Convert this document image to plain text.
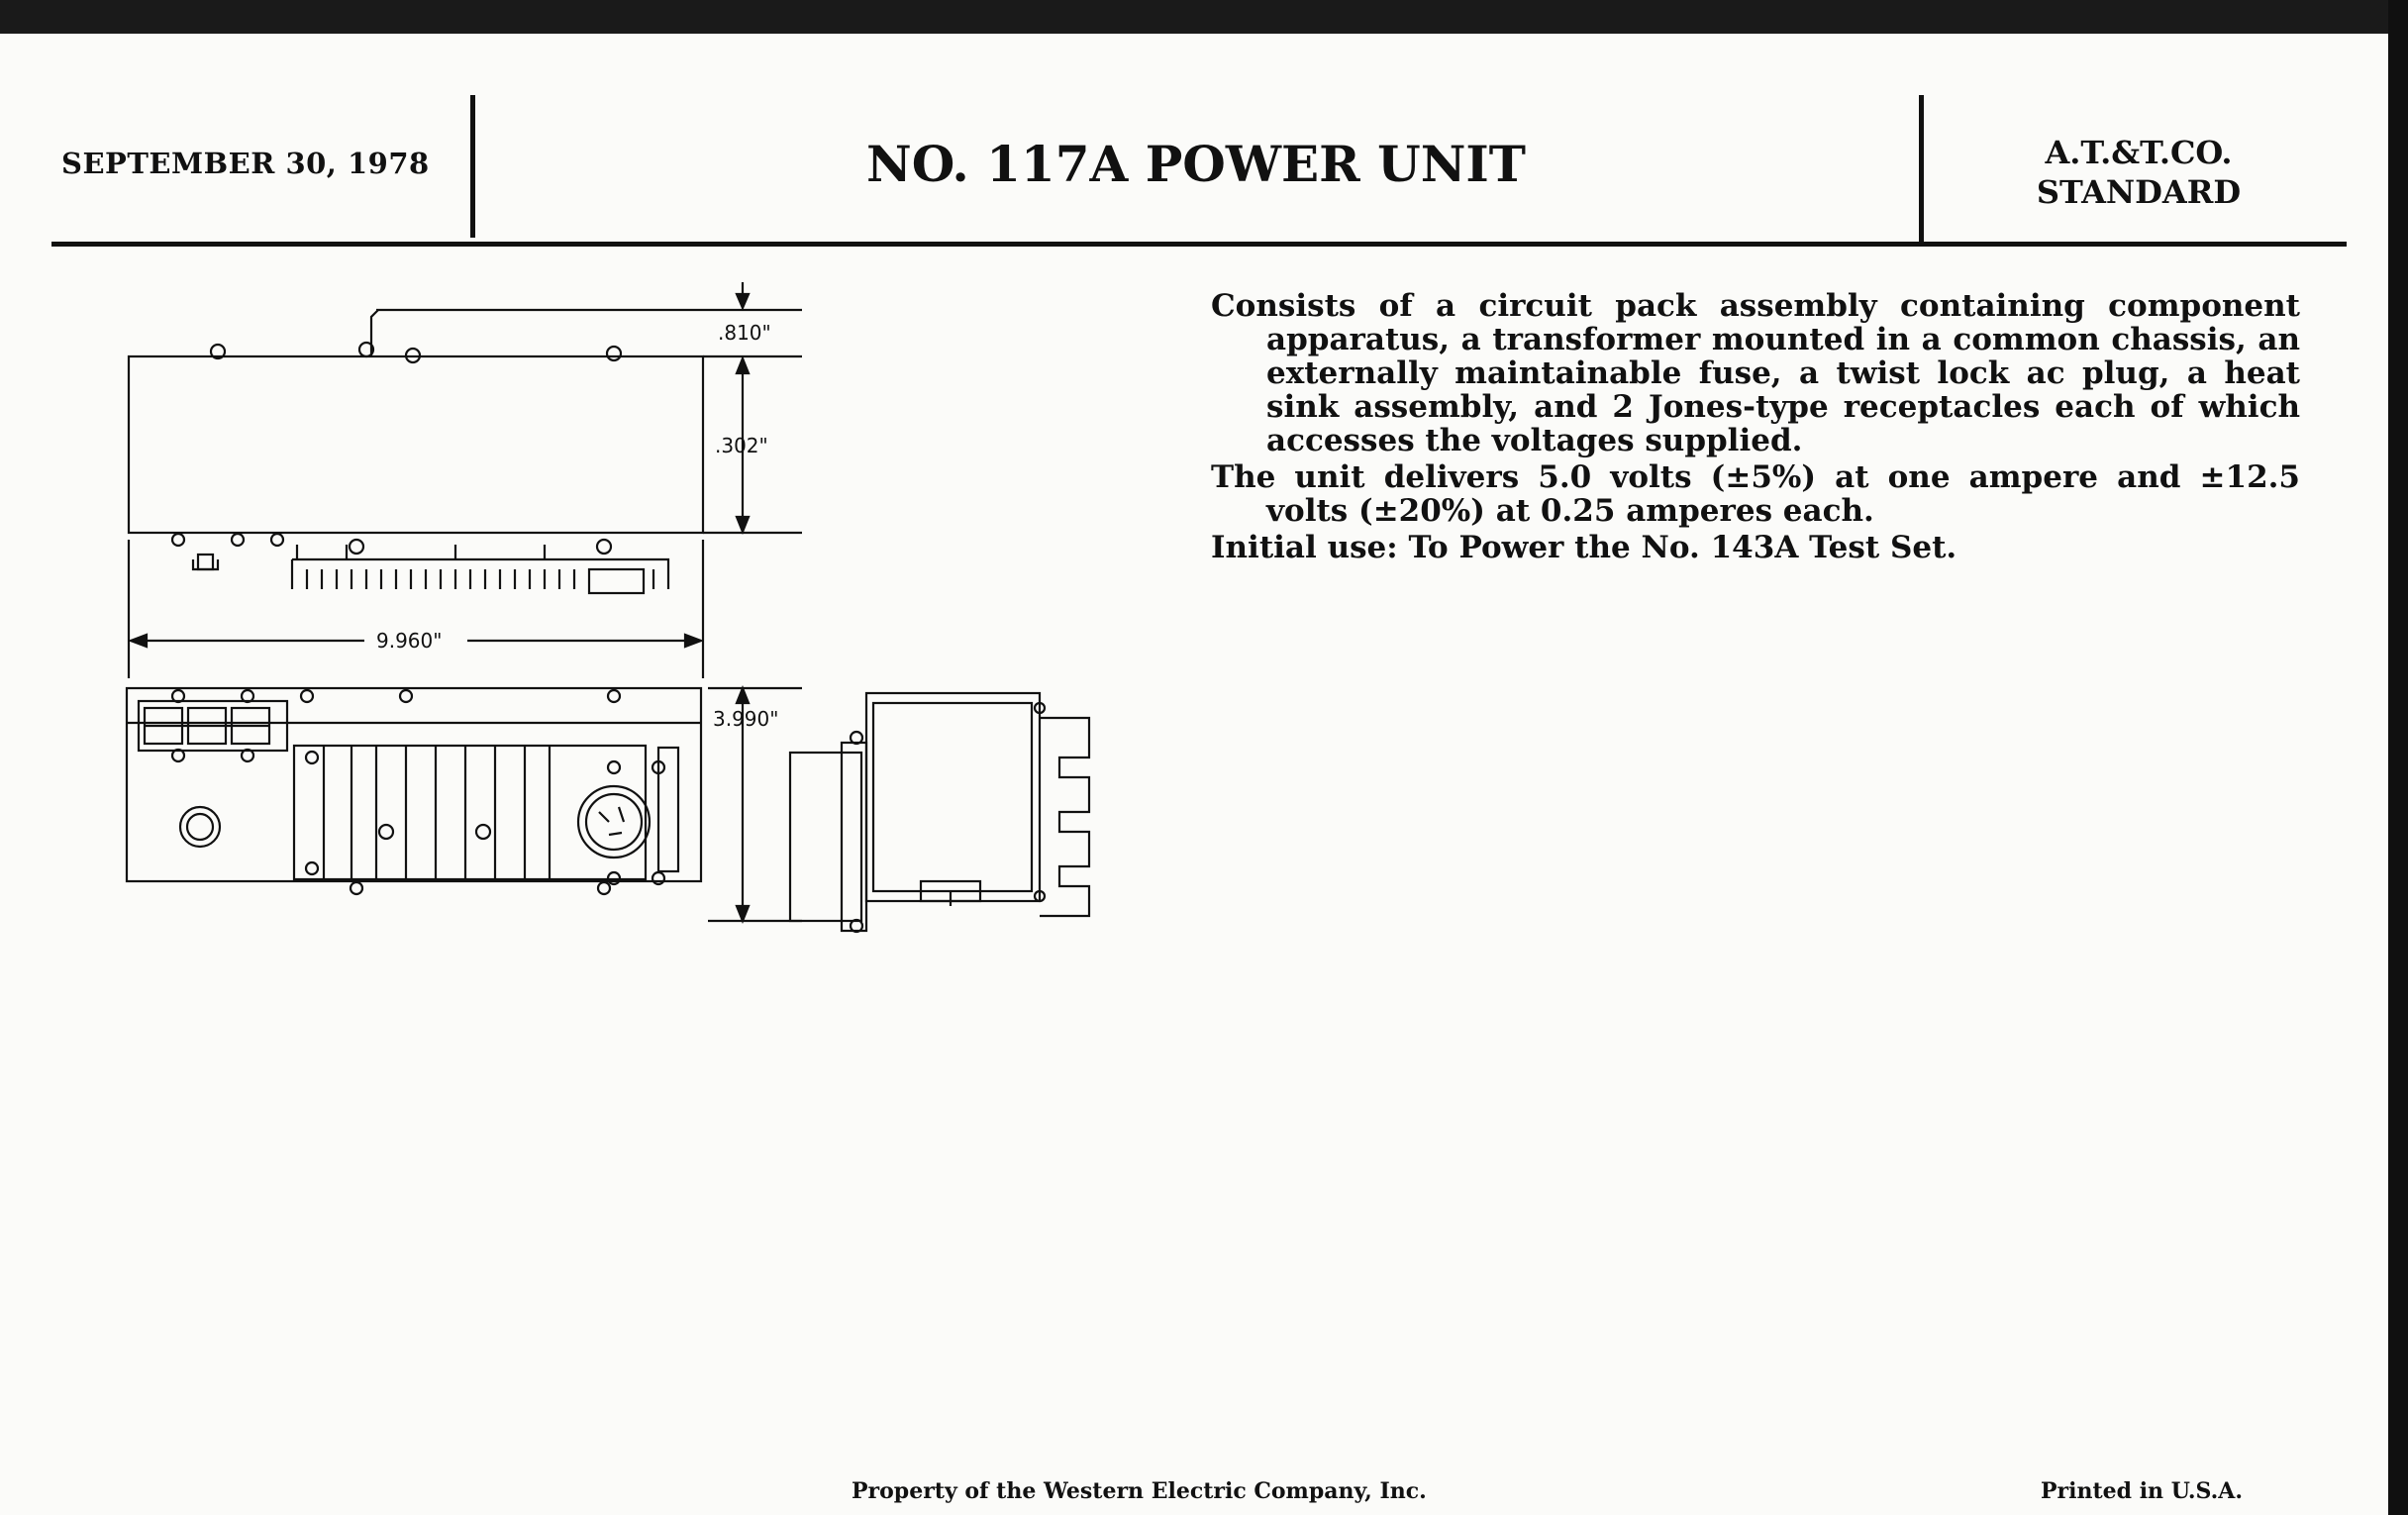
SEPTEMBER 30, 1978	NO. 117A POWER UNIT	A.T.&T.CO.
STANDARD

Consists of a circuit pack assembly containing component apparatus, a transformer mounted in a common chassis, an externally maintainable fuse, a twist lock ac plug, a heat sink assembly, and 2 Jones-type receptacles each of which accesses the voltages supplied.

The unit delivers 5.0 volts (±5%) at one ampere and ±12.5 volts (±20%) at 0.25 amperes each.

Initial use: To Power the No. 143A Test Set.

.810"
.302"
9.960"
3.990"
Property of the Western Electric Company, Inc.	Printed in U.S.A.
